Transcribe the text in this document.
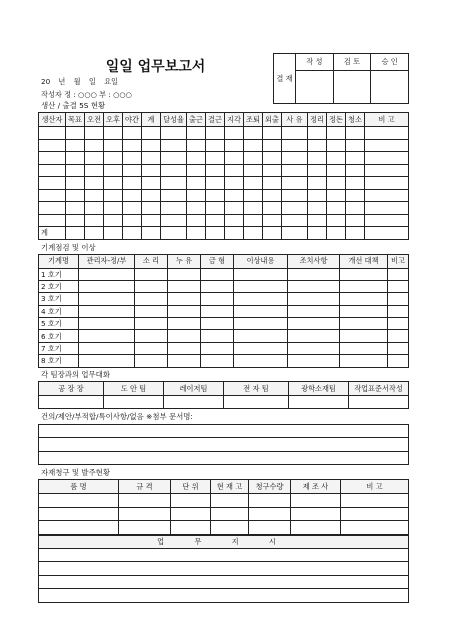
일일 업무보고서
20 년 월 일 요일
작성자 정 : ○○○ 부 : ○○○
결 재	작 성	검 토	승 인

생산 / 출결 5S 현황
생산자	목표	오전	오후	야간	계	달성율	출근	결근	지각	조퇴	외출	사 유	정리	정돈	청소	비 고

계																
기계점검 및 이상
기계명	관리자-정/부	소 리	누 유	금 형	이상내용	조치사항	개선 대책	비고
1 호기								
2 호기								
3 호기								
4 호기								
5 호기								
6 호기								
7 호기								
8 호기								
각 팀장과의 업무대화
공 장 장	도 안 팀	레이저팀	전 자 팀	광학소재팀	작업표준서작성

건의/제안/부적합/특이사항/없음 ※첨부 문서명:

자재청구 및 발주현황
품 명	규 격	단 위	현 재 고	청구수량	제 조 사	비 고

업 무 지 시
